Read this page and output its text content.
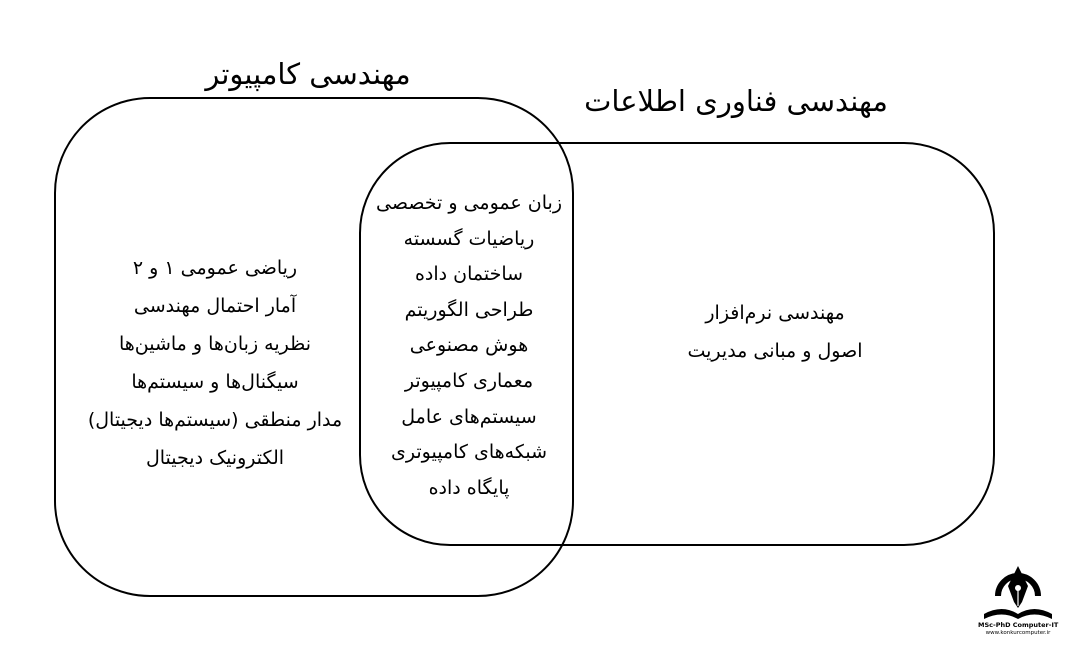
مهندسی کامپیوتر
مهندسی فناوری اطلاعات
ریاضی عمومی ۱ و ۲
آمار احتمال مهندسی
نظریه زبان‌ها و ماشین‌ها
سیگنال‌ها و سیستم‌ها
مدار منطقی (سیستم‌ها دیجیتال)
الکترونیک دیجیتال
زبان عمومی و تخصصی
ریاضیات گسسته
ساختمان داده
طراحی الگوریتم
هوش مصنوعی
معماری کامپیوتر
سیستم‌های عامل
شبکه‌های کامپیوتری
پایگاه داده
مهندسی نرم‌افزار
اصول و مبانی مدیریت
MSc-PhD Computer-IT
www.konkurcomputer.ir
